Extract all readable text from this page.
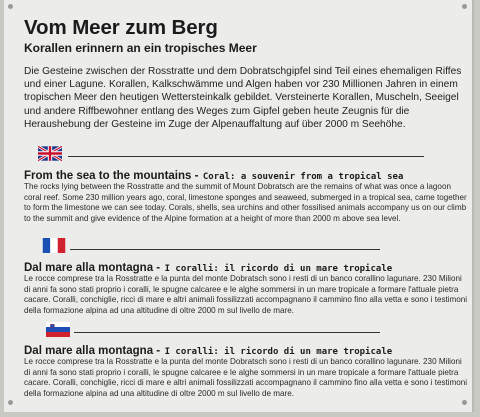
Vom Meer zum Berg
Korallen erinnern an ein tropisches Meer
Die Gesteine zwischen der Rosstratte und dem Dobratschgipfel sind Teil eines ehemaligen Riffes und einer Lagune. Korallen, Kalkschwämme und Algen haben vor 230 Millionen Jahren in einem tropischen Meer den heutigen Wettersteinkalk gebildet. Versteinerte Korallen, Muscheln, Seeigel und andere Riffbewohner entlang des Weges zum Gipfel geben heute Zeugnis für die Heraushebung der Gesteine im Zuge der Alpenauffaltung auf über 2000 m Seehöhe.
From the sea to the mountains - Coral: a souvenir from a tropical sea
The rocks lying between the Rosstratte and the summit of Mount Dobratsch are the remains of what was once a lagoon coral reef. Some 230 million years ago, coral, limestone sponges and seaweed, submerged in a tropical sea, came together to form the limestone we can see today. Corals, shells, sea urchins and other fossilised animals accompany us on our climb to the summit and give evidence of the Alpine formation at a height of more than 2000 m above sea level.
Dal mare alla montagna - I coralli: il ricordo di un mare tropicale
Le rocce comprese tra la Rosstratte e la punta del monte Dobratsch sono i resti di un banco corallino lagunare. 230 Milioni di anni fa sono stati proprio i coralli, le spugne calcaree e le alghe sommersi in un mare tropicale a formare l'attuale pietra cacare. Coralli, conchiglie, ricci di mare e altri animali fossilizzati accompagnano il cammino fino alla vetta e sono i testimoni della formazione alpina ad una altitudine di oltre 2000 m sul livello de mare.
Dal mare alla montagna - I coralli: il ricordo di un mare tropicale
Le rocce comprese tra la Rosstratte e la punta del monte Dobratsch sono i resti di un banco corallino lagunare. 230 Milioni di anni fa sono stati proprio i coralli, le spugne calcaree e le alghe sommersi in un mare tropicale a formare l'attuale pietra cacare. Coralli, conchiglie, ricci di mare e altri animali fossilizzati accompagnano il cammino fino alla vetta e sono i testimoni della formazione alpina ad una altitudine di oltre 2000 m sul livello de mare.
